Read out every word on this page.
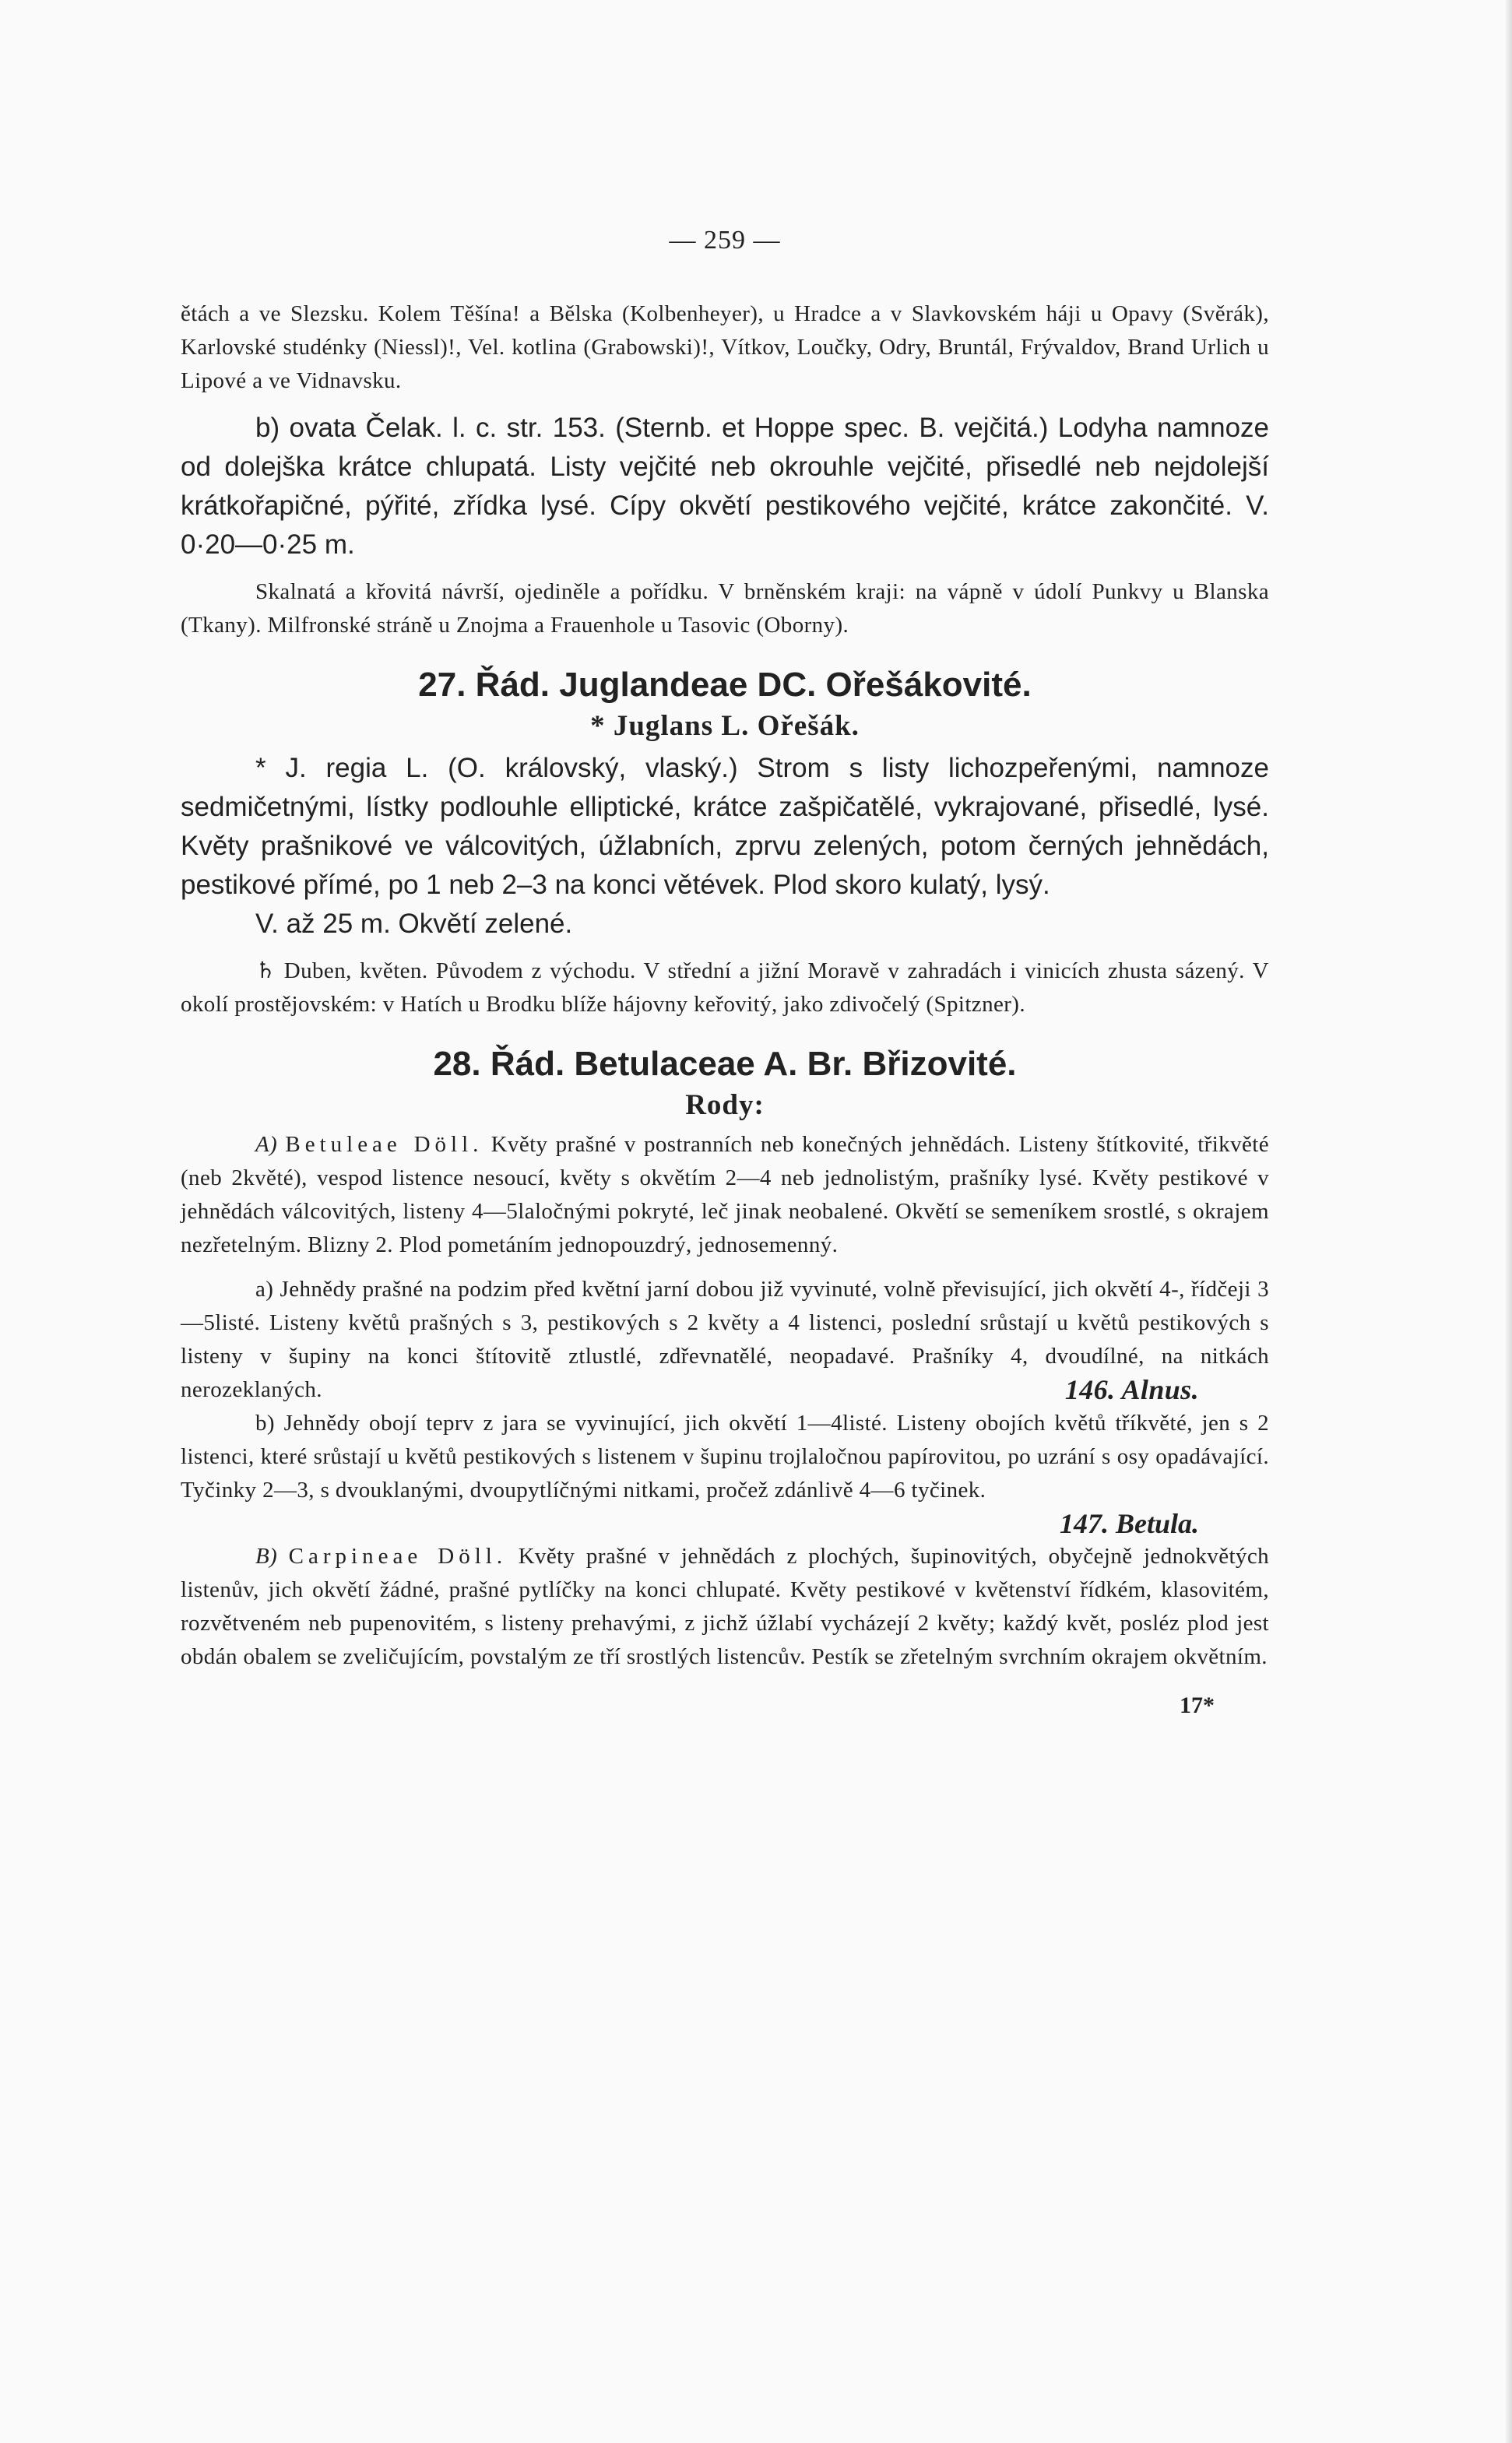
— 259 —

ětách a ve Slezsku. Kolem Těšína! a Bělska (Kolbenheyer), u Hradce a v Slavkovském háji u Opavy (Svěrák), Karlovské studénky (Niessl)!, Vel. kotlina (Grabowski)!, Vítkov, Loučky, Odry, Bruntál, Frývaldov, Brand Urlich u Lipové a ve Vidnavsku.

b) ovata Čelak. l. c. str. 153. (Sternb. et Hoppe spec. B. vejčitá.) Lodyha namnoze od dolejška krátce chlupatá. Listy vejčité neb okrouhle vejčité, přisedlé neb nejdolejší krátkořapičné, pýřité, zřídka lysé. Cípy okvětí pestikového vejčité, krátce zakončité. V. 0·20—0·25 m.

Skalnatá a křovitá návrší, ojediněle a pořídku. V brněnském kraji: na vápně v údolí Punkvy u Blanska (Tkany). Milfronské stráně u Znojma a Frauenhole u Tasovic (Oborny).

27. Řád. Juglandeae DC. Ořešákovité.
* Juglans L. Ořešák.

* J. regia L. (O. královský, vlaský.) Strom s listy lichozpeřenými, namnoze sedmičetnými, lístky podlouhle elliptické, krátce zašpičatělé, vykrajované, přisedlé, lysé. Květy prašnikové ve válcovitých, úžlabních, zprvu zelených, potom černých jehnědách, pestikové přímé, po 1 neb 2–3 na konci větévek. Plod skoro kulatý, lysý.

V. až 25 m. Okvětí zelené.

♄ Duben, květen. Původem z východu. V střední a jižní Moravě v zahradách i vinicích zhusta sázený. V okolí prostějovském: v Hatích u Brodku blíže hájovny keřovitý, jako zdivočelý (Spitzner).

28. Řád. Betulaceae A. Br. Břizovité.
Rody:

A) Betuleae Döll. Květy prašné v postranních neb konečných jehnědách. Listeny štítkovité, třikvěté (neb 2květé), vespod listence nesoucí, květy s okvětím 2—4 neb jednolistým, prašníky lysé. Květy pestikové v jehnědách válcovitých, listeny 4—5laločnými pokryté, leč jinak neobalené. Okvětí se semeníkem srostlé, s okrajem nezřetelným. Blizny 2. Plod pometáním jednopouzdrý, jednosemenný.

a) Jehnědy prašné na podzim před květní jarní dobou již vyvinuté, volně převisující, jich okvětí 4-, řídčeji 3—5listé. Listeny květů prašných s 3, pestikových s 2 květy a 4 listenci, poslední srůstají u květů pestikových s listeny v šupiny na konci štítovitě ztlustlé, zdřevnatělé, neopadavé. Prašníky 4, dvoudílné, na nitkách nerozeklaných.	146. Alnus.

b) Jehnědy obojí teprv z jara se vyvinující, jich okvětí 1—4listé. Listeny obojích květů tříkvěté, jen s 2 listenci, které srůstají u květů pestikových s listenem v šupinu trojlaločnou papírovitou, po uzrání s osy opadávající. Tyčinky 2—3, s dvouklanými, dvoupytlíčnými nitkami, pročež zdánlivě 4—6 tyčinek.

147. Betula.

B) Carpineae Döll. Květy prašné v jehnědách z plochých, šupinovitých, obyčejně jednokvětých listenův, jich okvětí žádné, prašné pytlíčky na konci chlupaté. Květy pestikové v květenství řídkém, klasovitém, rozvětveném neb pupenovitém, s listeny prehavými, z jichž úžlabí vycházejí 2 květy; každý květ, posléz plod jest obdán obalem se zveličujícím, povstalým ze tří srostlých listencův. Pestík se zřetelným svrchním okrajem okvětním.

17*
